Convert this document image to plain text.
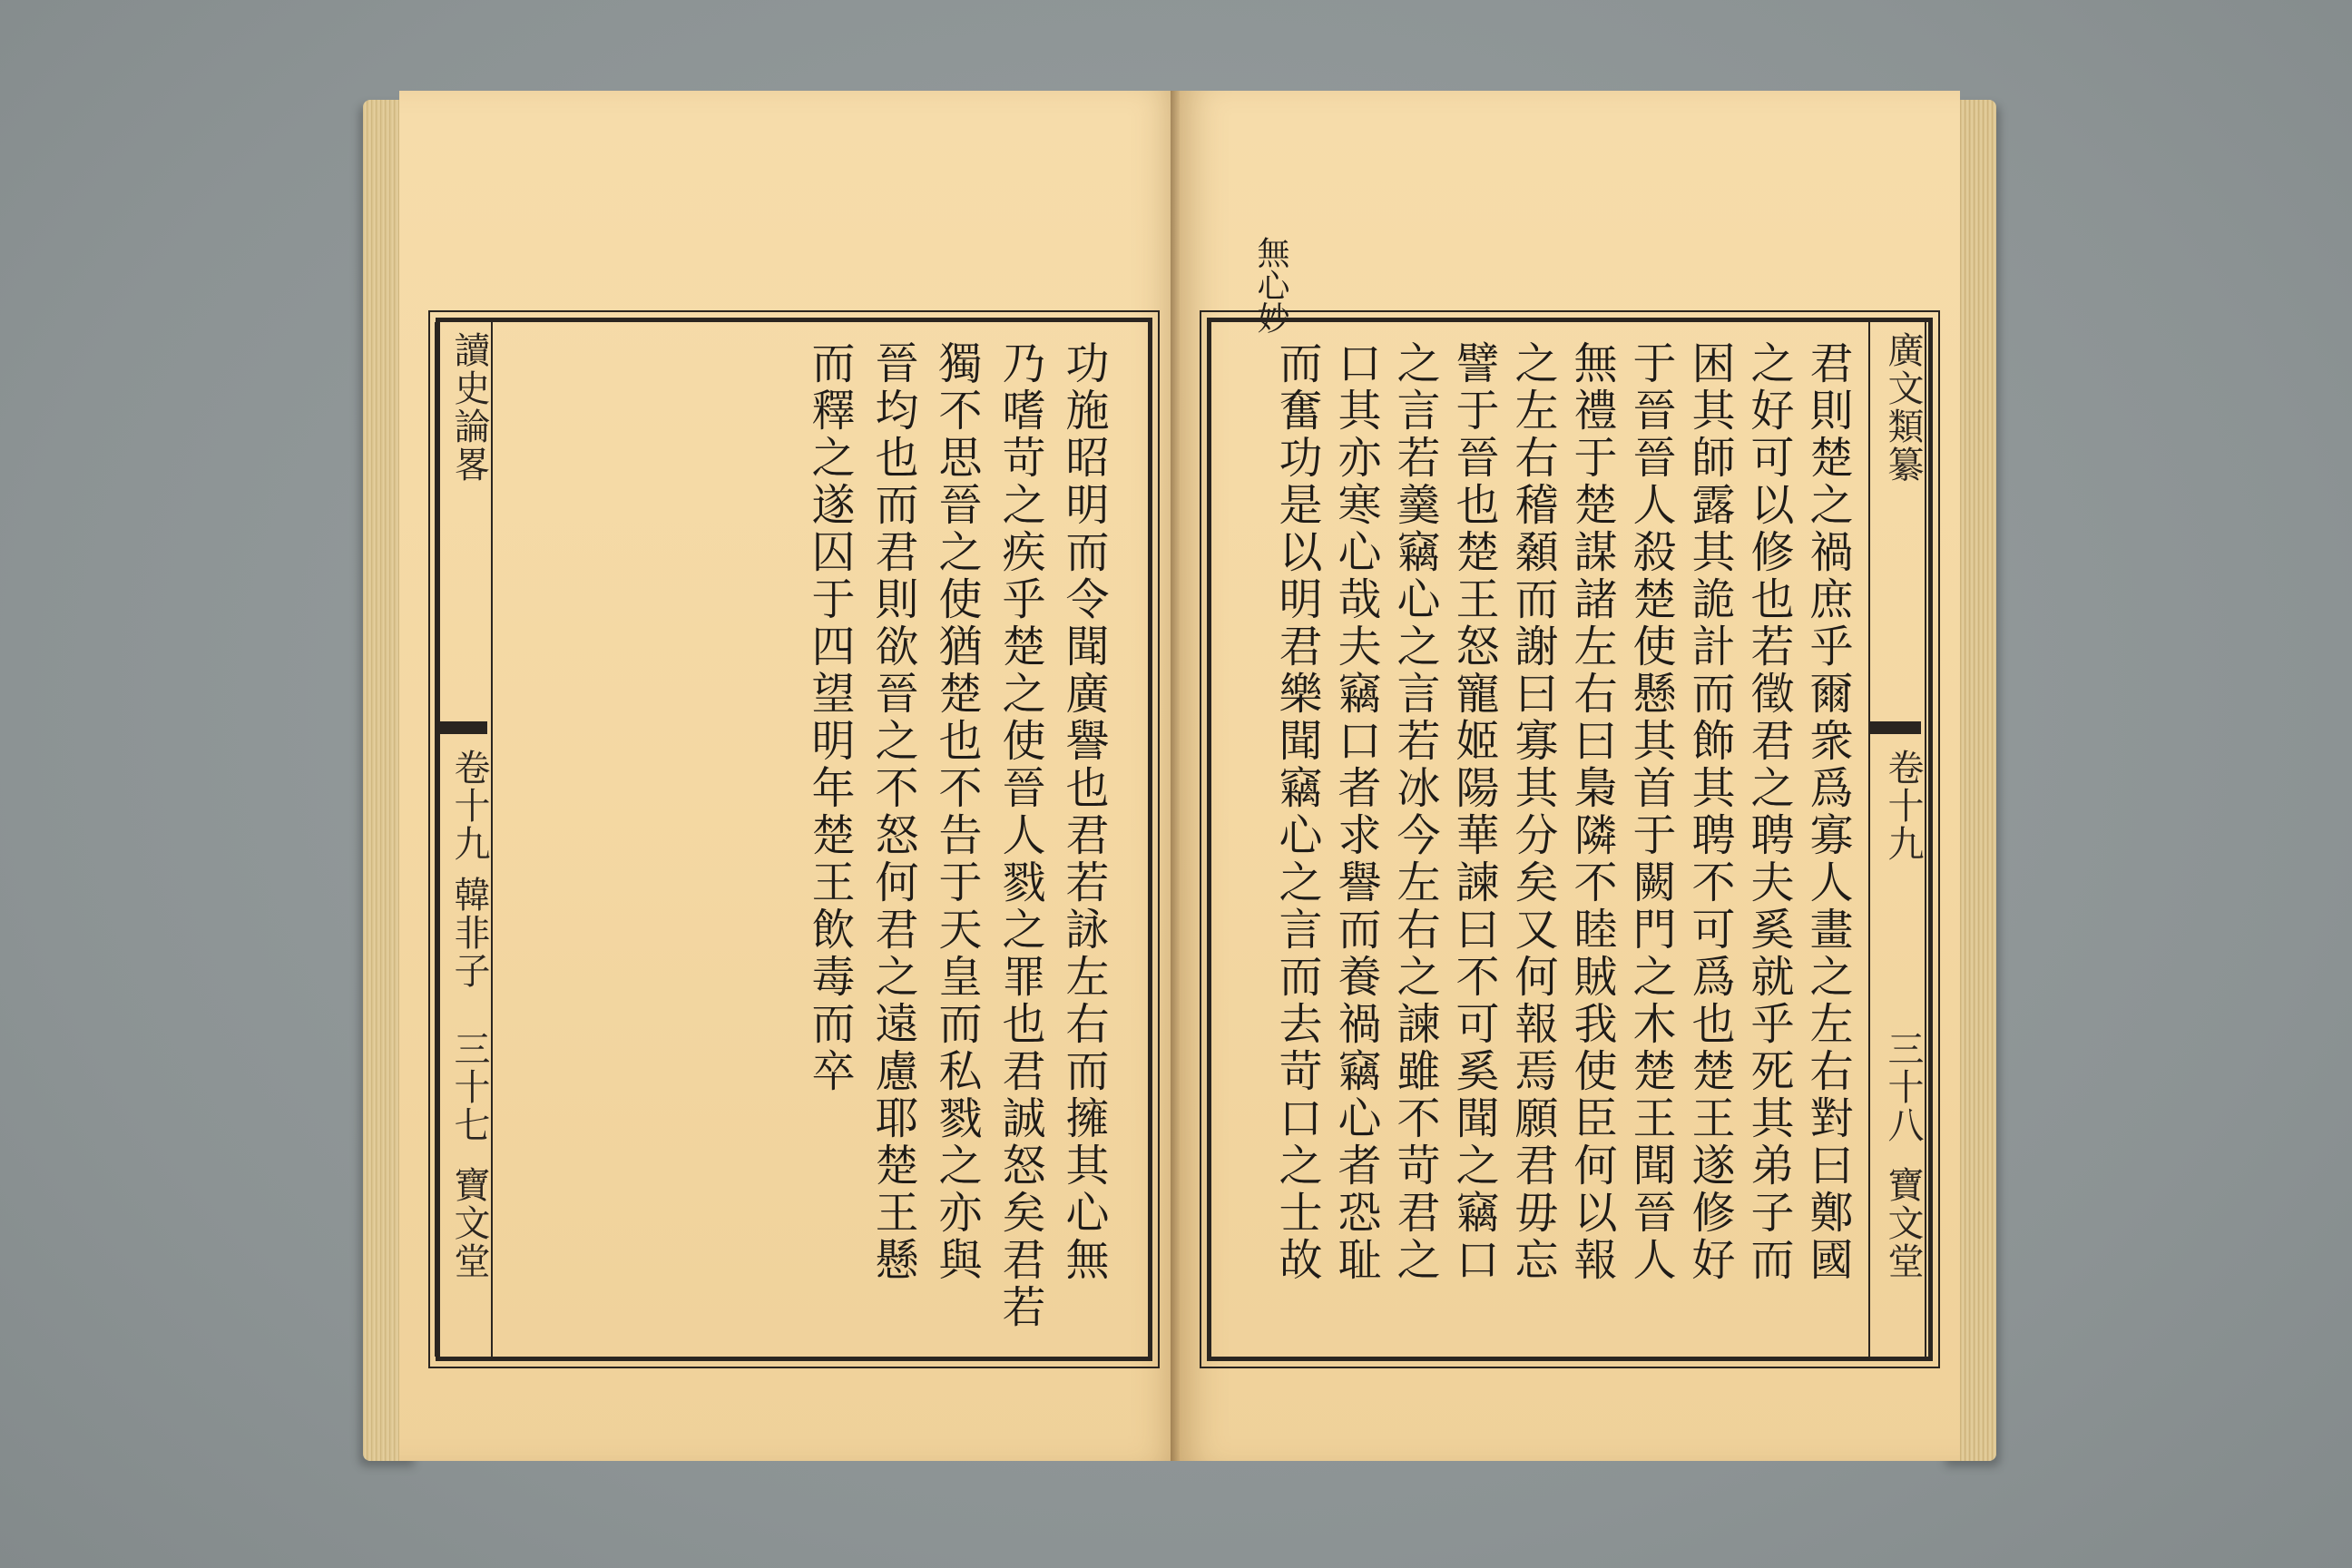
功施昭明而令聞廣譽也君若詠左右而擁其心無
乃嗜苛之疾乎楚之使晉人戮之罪也君誠怒矣君若
獨不思晉之使猶楚也不告于天皇而私戮之亦與
晉均也而君則欲晉之不怒何君之遠慮耶楚王懸
而釋之遂囚于四望明年楚王飲毒而卒
讀史論畧
卷十九
韓非子
三十七
寶文堂
無心妙
君則楚之禍庶乎爾衆爲寡人畫之左右對曰鄭國
之好可以修也若徵君之聘夫奚就乎死其弟子而
困其師露其詭計而飾其聘不可爲也楚王遂修好
于晉晉人殺楚使懸其首于闕門之木楚王聞晉人
無禮于楚謀諸左右曰梟隣不睦賊我使臣何以報
之左右稽顙而謝曰寡其分矣又何報焉願君毋忘
譬于晉也楚王怒寵姬陽華諫曰不可奚聞之竊口
之言若羹竊心之言若冰今左右之諫雖不苛君之
口其亦寒心哉夫竊口者求譽而養禍竊心者恐耻
而奮功是以明君樂聞竊心之言而去苛口之士故	廣文類纂
卷十九
三十八
寶文堂
